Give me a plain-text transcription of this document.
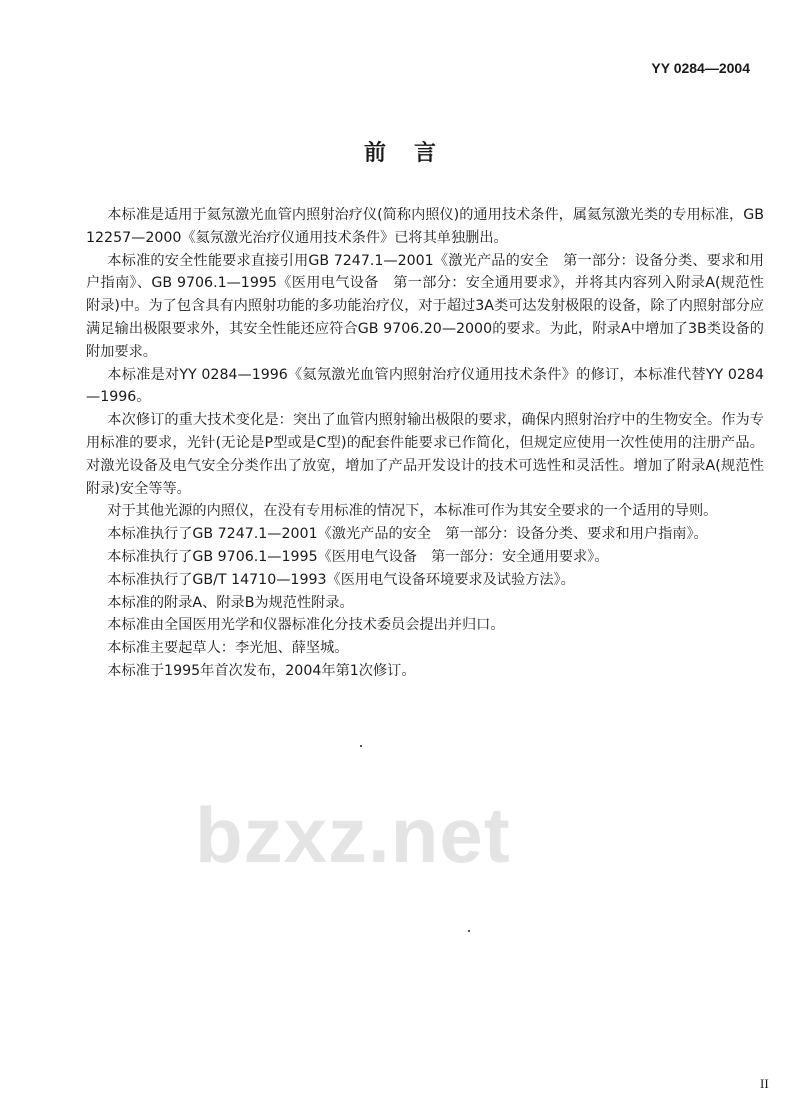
YY 0284—2004
bzxz.net
前言

本标准是适用于氦氖激光血管内照射治疗仪(简称内照仪)的通用技术条件，属氦氖激光类的专用标准，GB 12257—2000《氦氖激光治疗仪通用技术条件》已将其单独删出。

本标准的安全性能要求直接引用GB 7247.1—2001《激光产品的安全　第一部分：设备分类、要求和用户指南》、GB 9706.1—1995《医用电气设备　第一部分：安全通用要求》，并将其内容列入附录A(规范性附录)中。为了包含具有内照射功能的多功能治疗仪，对于超过3A类可达发射极限的设备，除了内照射部分应满足输出极限要求外，其安全性能还应符合GB 9706.20—2000的要求。为此，附录A中增加了3B类设备的附加要求。

本标准是对YY 0284—1996《氦氖激光血管内照射治疗仪通用技术条件》的修订，本标准代替YY 0284—1996。

本次修订的重大技术变化是：突出了血管内照射输出极限的要求，确保内照射治疗中的生物安全。作为专用标准的要求，光针(无论是P型或是C型)的配套件能要求已作简化，但规定应使用一次性使用的注册产品。对激光设备及电气安全分类作出了放宽，增加了产品开发设计的技术可选性和灵活性。增加了附录A(规范性附录)安全等等。

对于其他光源的内照仪，在没有专用标准的情况下，本标准可作为其安全要求的一个适用的导则。

本标准执行了GB 7247.1—2001《激光产品的安全　第一部分：设备分类、要求和用户指南》。

本标准执行了GB 9706.1—1995《医用电气设备　第一部分：安全通用要求》。

本标准执行了GB/T 14710—1993《医用电气设备环境要求及试验方法》。

本标准的附录A、附录B为规范性附录。

本标准由全国医用光学和仪器标准化分技术委员会提出并归口。

本标准主要起草人：李光旭、薛坚城。

本标准于1995年首次发布，2004年第1次修订。

II
